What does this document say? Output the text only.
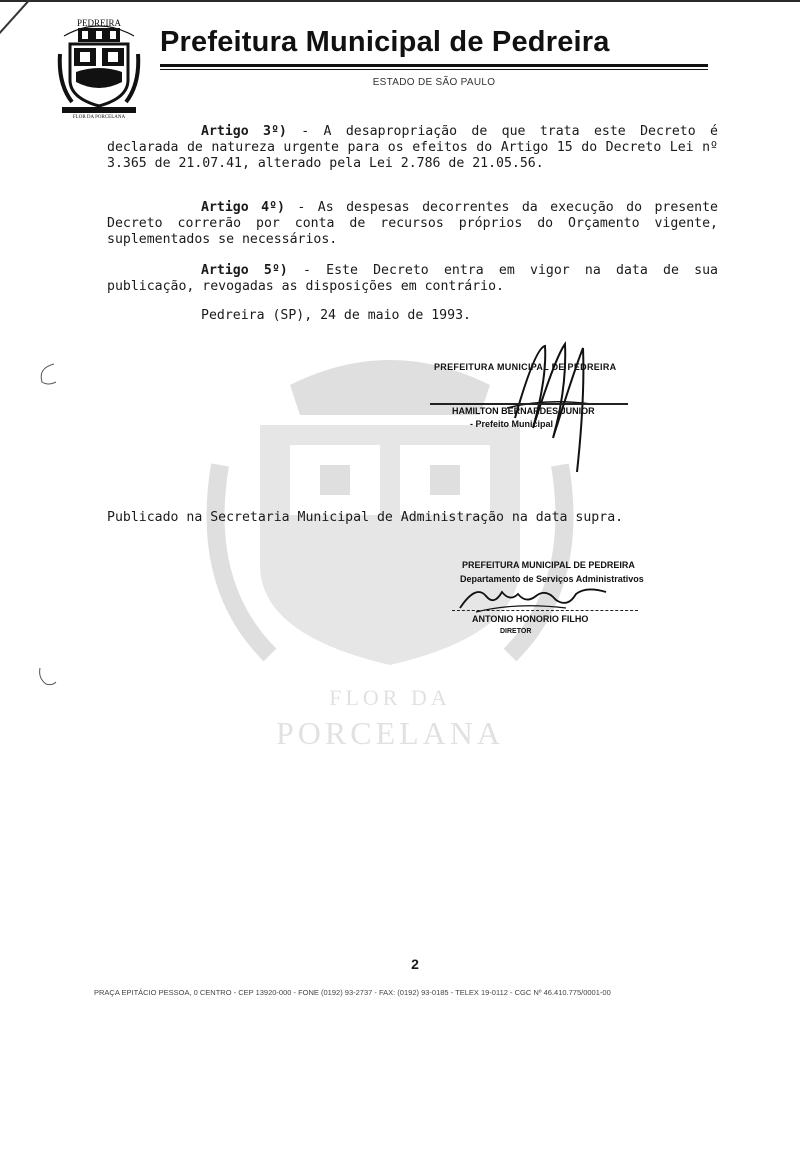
PEDREIRA
FLOR DA PORCELANA
Prefeitura Municipal de Pedreira
ESTADO DE SÃO PAULO
FLOR DA
PORCELANA
Artigo 3º) - A desapropriação de que trata este Decreto é declarada de natureza urgente para os efeitos do Artigo 15 do Decreto Lei nº 3.365 de 21.07.41, alterado pela Lei 2.786 de 21.05.56.
Artigo 4º) - As despesas decorrentes da execução do presente Decreto correrão por conta de recursos próprios do Orçamento vigente, suplementados se necessários.
Artigo 5º) - Este Decreto entra em vigor na data de sua publicação, revogadas as disposições em contrário.
Pedreira (SP), 24 de maio de 1993.
PREFEITURA MUNICIPAL DE PEDREIRA
HAMILTON BERNARDES JUNIOR
- Prefeito Municipal -
Publicado na Secretaria Municipal de Administração na data supra.
PREFEITURA MUNICIPAL DE PEDREIRA
Departamento de Serviços Administrativos
ANTONIO HONORIO FILHO
DIRETOR
2
PRAÇA EPITÁCIO PESSOA, 0 CENTRO - CEP 13920-000 - FONE (0192) 93-2737 - FAX: (0192) 93-0185 - TELEX 19-0112 - CGC Nº 46.410.775/0001-00
